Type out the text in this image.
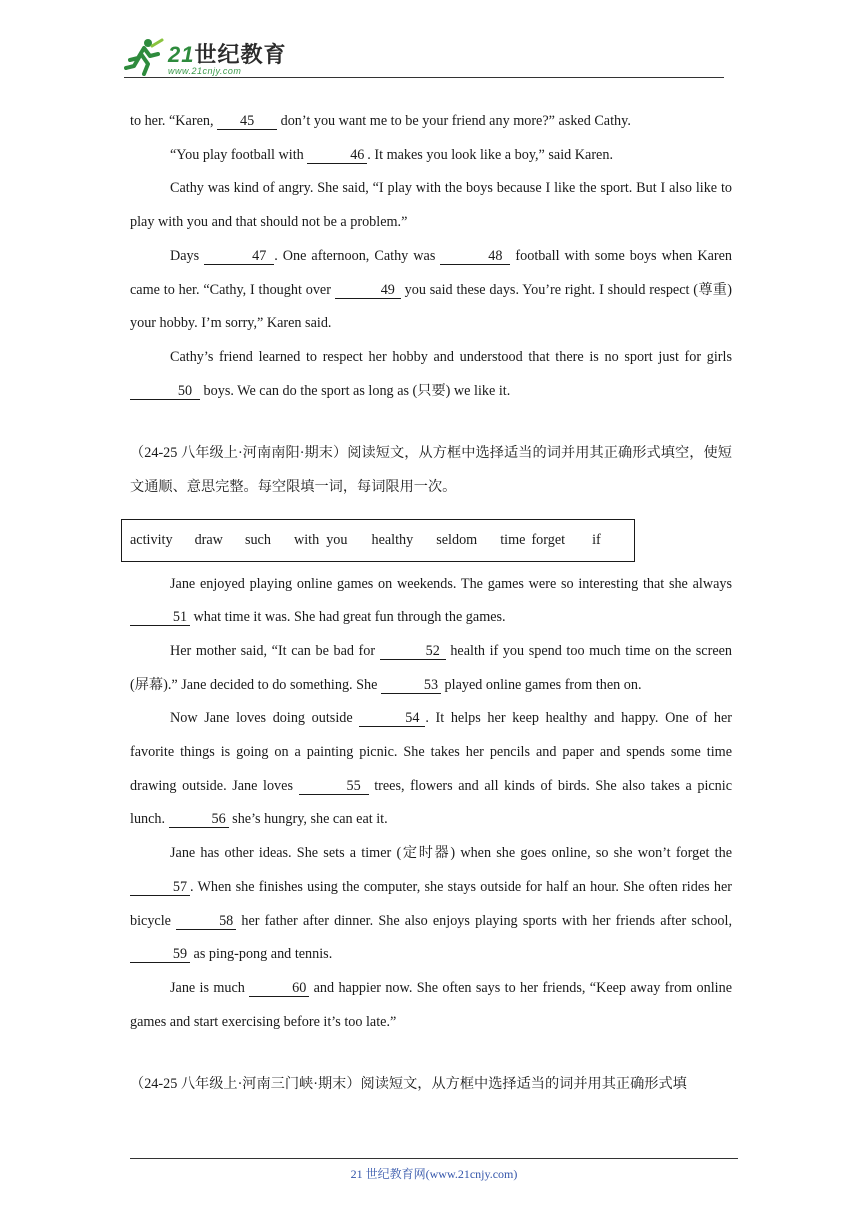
21世纪教育
www.21cnjy.com

to her. “Karen, 45 don’t you want me to be your friend any more?” asked Cathy.

“You play football with	46 . It makes you look like a boy,” said Karen.

Cathy was kind of angry. She said, “I play with the boys because I like the sport. But I also like to play with you and that should not be a problem.”

Days	47 . One afternoon, Cathy was	48 football with some boys when Karen came to her. “Cathy, I thought over	49 you said these days. You’re right. I should respect (尊重) your hobby. I’m sorry,” Karen said.

Cathy’s friend learned to respect her hobby and understood that there is no sport just for girls 50 boys. We can do the sport as long as (只要) we like it.

（24-25 八年级上·河南南阳·期末）阅读短文，从方框中选择适当的词并用其正确形式填空，使短文通顺、意思完整。每空限填一词，每词限用一次。

activity draw such with you healthy seldom time forget if

Jane enjoyed playing online games on weekends. The games were so interesting that she always 51 what time it was. She had great fun through the games.

Her mother said, “It can be bad for	52 health if you spend too much time on the screen (屏幕).” Jane decided to do something. She	53 played online games from then on.

Now Jane loves doing outside	54 . It helps her keep healthy and happy. One of her favorite things is going on a painting picnic. She takes her pencils and paper and spends some time drawing outside. Jane loves	55 trees, flowers and all kinds of birds. She also takes a picnic lunch.	56 she’s hungry, she can eat it.

Jane has other ideas. She sets a timer (定时器) when she goes online, so she won’t forget the 57 . When she finishes using the computer, she stays outside for half an hour. She often rides her bicycle	58 her father after dinner. She also enjoys playing sports with her friends after school, 59 as ping-pong and tennis.

Jane is much	60 and happier now. She often says to her friends, “Keep away from online games and start exercising before it’s too late.”

（24-25 八年级上·河南三门峡·期末）阅读短文，从方框中选择适当的词并用其正确形式填

21 世纪教育网(www.21cnjy.com)
